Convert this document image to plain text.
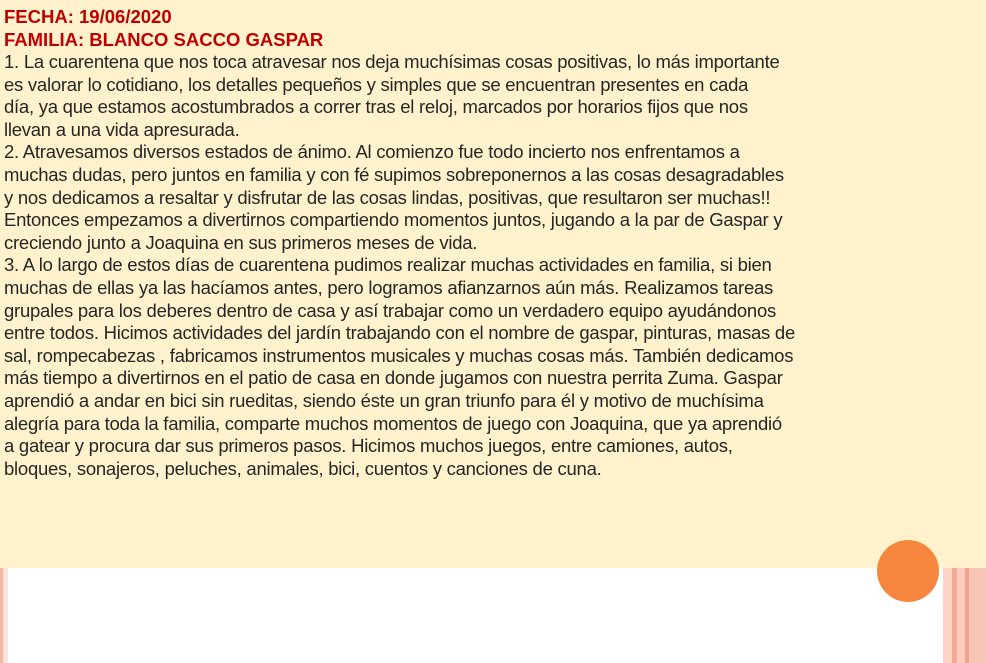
FECHA: 19/06/2020

FAMILIA: BLANCO SACCO GASPAR

1. La cuarentena que nos toca atravesar nos deja muchísimas cosas positivas, lo más importante
es valorar lo cotidiano, los detalles pequeños y simples que se encuentran presentes en cada
día, ya que estamos acostumbrados a correr tras el reloj, marcados por horarios fijos que nos
llevan a una vida apresurada.
2. Atravesamos diversos estados de ánimo. Al comienzo fue todo incierto nos enfrentamos a
muchas dudas, pero juntos en familia y con fé supimos sobreponernos a las cosas desagradables
y nos dedicamos a resaltar y disfrutar de las cosas lindas, positivas, que resultaron ser muchas!!
Entonces empezamos a divertirnos compartiendo momentos juntos, jugando a la par de Gaspar y
creciendo junto a Joaquina en sus primeros meses de vida.
3. A lo largo de estos días de cuarentena pudimos realizar muchas actividades en familia, si bien
muchas de ellas ya las hacíamos antes, pero logramos afianzarnos aún más. Realizamos tareas
grupales para los deberes dentro de casa y así trabajar como un verdadero equipo ayudándonos
entre todos. Hicimos actividades del jardín trabajando con el nombre de gaspar, pinturas, masas de
sal, rompecabezas , fabricamos instrumentos musicales y muchas cosas más. También dedicamos
más tiempo a divertirnos en el patio de casa en donde jugamos con nuestra perrita Zuma. Gaspar
aprendió a andar en bici sin rueditas, siendo éste un gran triunfo para él y motivo de muchísima
alegría para toda la familia, comparte muchos momentos de juego con Joaquina, que ya aprendió
a gatear y procura dar sus primeros pasos. Hicimos muchos juegos, entre camiones, autos,
bloques, sonajeros, peluches, animales, bici, cuentos y canciones de cuna.
